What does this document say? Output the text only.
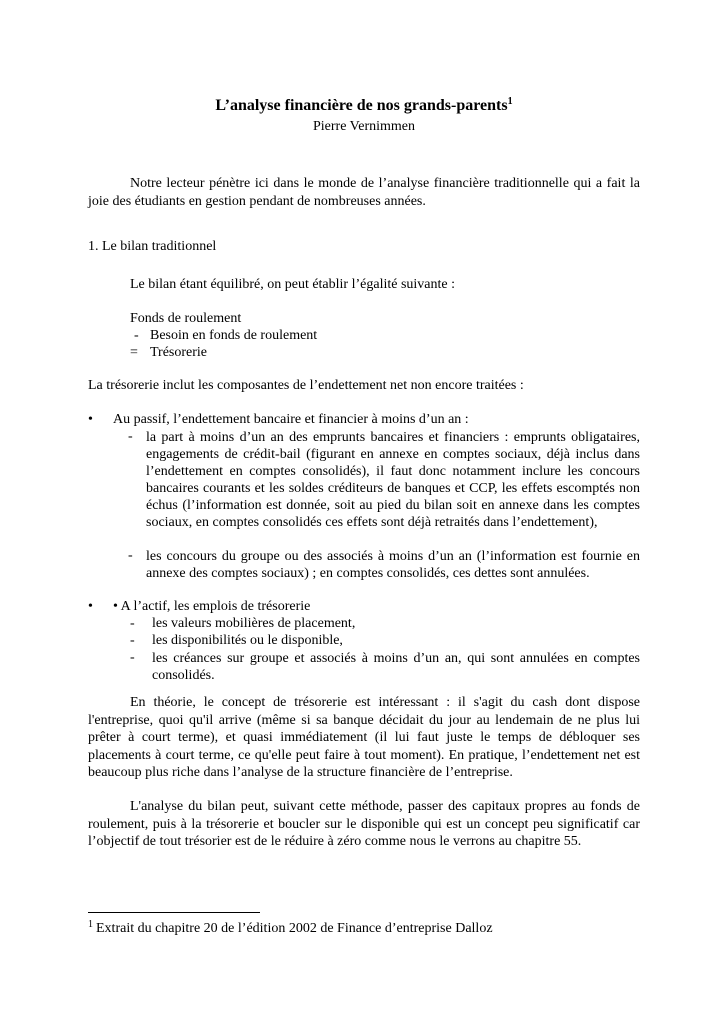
L’analyse financière de nos grands-parents$^1$
Pierre Vernimmen

Notre lecteur pénètre ici dans le monde de l’analyse financière traditionnelle qui a fait la joie des étudiants en gestion pendant de nombreuses années.

1. Le bilan traditionnel
Le bilan étant équilibré, on peut établir l’égalité suivante :
Fonds de roulement
- Besoin en fonds de roulement
= Trésorerie
La trésorerie inclut les composantes de l’endettement net non encore traitées :
• Au passif, l’endettement bancaire et financier à moins d’un an :
- la part à moins d’un an des emprunts bancaires et financiers : emprunts obligataires, engagements de crédit-bail (figurant en annexe en comptes sociaux, déjà inclus dans l’endettement en comptes consolidés), il faut donc notamment inclure les concours bancaires courants et les soldes créditeurs de banques et CCP, les effets escomptés non échus (l’information est donnée, soit au pied du bilan soit en annexe dans les comptes sociaux, en comptes consolidés ces effets sont déjà retraités dans l’endettement),

- les concours du groupe ou des associés à moins d’un an (l’information est fournie en annexe des comptes sociaux) ; en comptes consolidés, ces dettes sont annulées.

• • A l’actif, les emplois de trésorerie
- les valeurs mobilières de placement,
- les disponibilités ou le disponible,
- les créances sur groupe et associés à moins d’un an, qui sont annulées en comptes consolidés.

En théorie, le concept de trésorerie est intéressant : il s'agit du cash dont dispose l'entreprise, quoi qu'il arrive (même si sa banque décidait du jour au lendemain de ne plus lui prêter à court terme), et quasi immédiatement (il lui faut juste le temps de débloquer ses placements à court terme, ce qu'elle peut faire à tout moment). En pratique, l’endettement net est beaucoup plus riche dans l’analyse de la structure financière de l’entreprise.

L'analyse du bilan peut, suivant cette méthode, passer des capitaux propres au fonds de roulement, puis à la trésorerie et boucler sur le disponible qui est un concept peu significatif car l’objectif de tout trésorier est de le réduire à zéro comme nous le verrons au chapitre 55.

$^1$ Extrait du chapitre 20 de l’édition 2002 de Finance d’entreprise Dalloz
